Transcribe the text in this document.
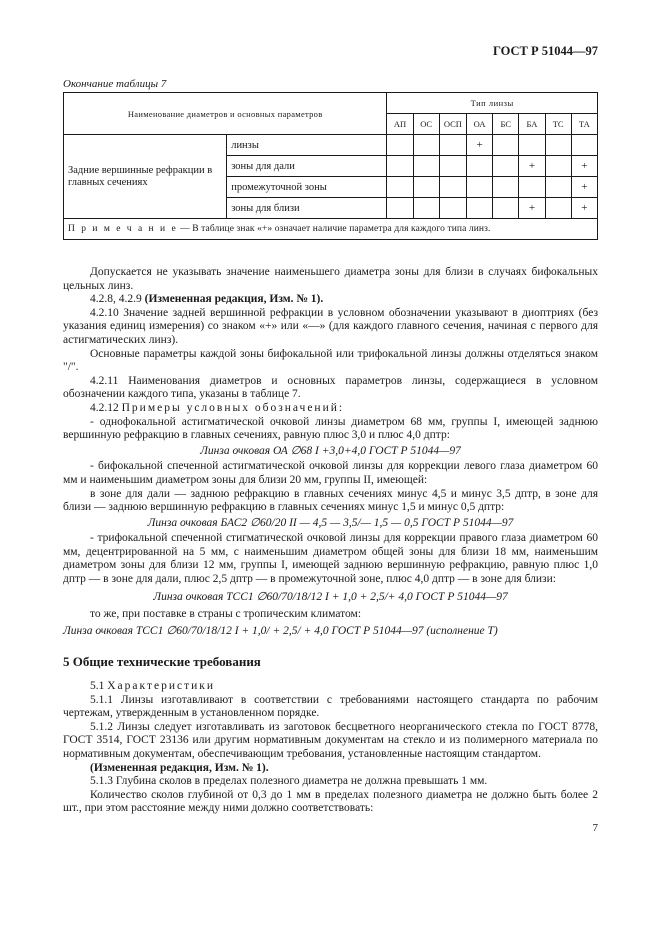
ГОСТ Р 51044—97
Окончание таблицы 7
Наименование диаметров и основных параметров		Тип линзы							
		АП	ОС	ОСП	ОА	БС	БА	ТС	ТА
Задние вершинные рефракции в главных сечениях	линзы				+				
	зоны для дали						+		+
	промежуточной зоны								+
	зоны для близи						+		+
П р и м е ч а н и е — В таблице знак «+» означает наличие параметра для каждого типа линз.									

Допускается не указывать значение наименьшего диаметра зоны для близи в случаях бифокальных цельных линз.

4.2.8, 4.2.9 (Измененная редакция, Изм. № 1).

4.2.10 Значение задней вершинной рефракции в условном обозначении указывают в диоптриях (без указания единиц измерения) со знаком «+» или «—» (для каждого главного сечения, начиная с первого для астигматических линз).

Основные параметры каждой зоны бифокальной или трифокальной линзы должны отделяться знаком "/".

4.2.11 Наименования диаметров и основных параметров линзы, содержащиеся в условном обозначении каждого типа, указаны в таблице 7.

4.2.12 Примеры условных обозначений:

- однофокальной астигматической очковой линзы диаметром 68 мм, группы I, имеющей заднюю вершинную рефракцию в главных сечениях, равную плюс 3,0 и плюс 4,0 дптр:

Линза очковая ОА ∅68 I +3,0+4,0 ГОСТ Р 51044—97

- бифокальной спеченной астигматической очковой линзы для коррекции левого глаза диаметром 60 мм и наименьшим диаметром зоны для близи 20 мм, группы II, имеющей:

в зоне для дали — заднюю рефракцию в главных сечениях минус 4,5 и минус 3,5 дптр, в зоне для близи — заднюю вершинную рефракцию в главных сечениях минус 1,5 и минус 0,5 дптр:

Линза очковая БАС2 ∅60/20 II — 4,5 — 3,5/— 1,5 — 0,5 ГОСТ Р 51044—97

- трифокальной спеченной стигматической очковой линзы для коррекции правого глаза диаметром 60 мм, децентрированной на 5 мм, с наименьшим диаметром общей зоны для близи 18 мм, наименьшим диаметром зоны для близи 12 мм, группы I, имеющей заднюю вершинную рефракцию, равную плюс 1,0 дптр — в зоне для дали, плюс 2,5 дптр — в промежуточной зоне, плюс 4,0 дптр — в зоне для близи:

Линза очковая ТСС1 ∅60/70/18/12 I + 1,0 + 2,5/+ 4,0 ГОСТ Р 51044—97

то же, при поставке в страны с тропическим климатом:

Линза очковая ТСС1 ∅60/70/18/12 I + 1,0/ + 2,5/ + 4,0 ГОСТ Р 51044—97 (исполнение Т)

5 Общие технические требования

5.1 Характеристики

5.1.1 Линзы изготавливают в соответствии с требованиями настоящего стандарта по рабочим чертежам, утвержденным в установленном порядке.

5.1.2 Линзы следует изготавливать из заготовок бесцветного неорганического стекла по ГОСТ 8778, ГОСТ 3514, ГОСТ 23136 или другим нормативным документам на стекло и из полимерного материала по нормативным документам, обеспечивающим требования, установленные настоящим стандартом.

(Измененная редакция, Изм. № 1).

5.1.3 Глубина сколов в пределах полезного диаметра не должна превышать 1 мм.

Количество сколов глубиной от 0,3 до 1 мм в пределах полезного диаметра не должно быть более 2 шт., при этом расстояние между ними должно соответствовать:

7
